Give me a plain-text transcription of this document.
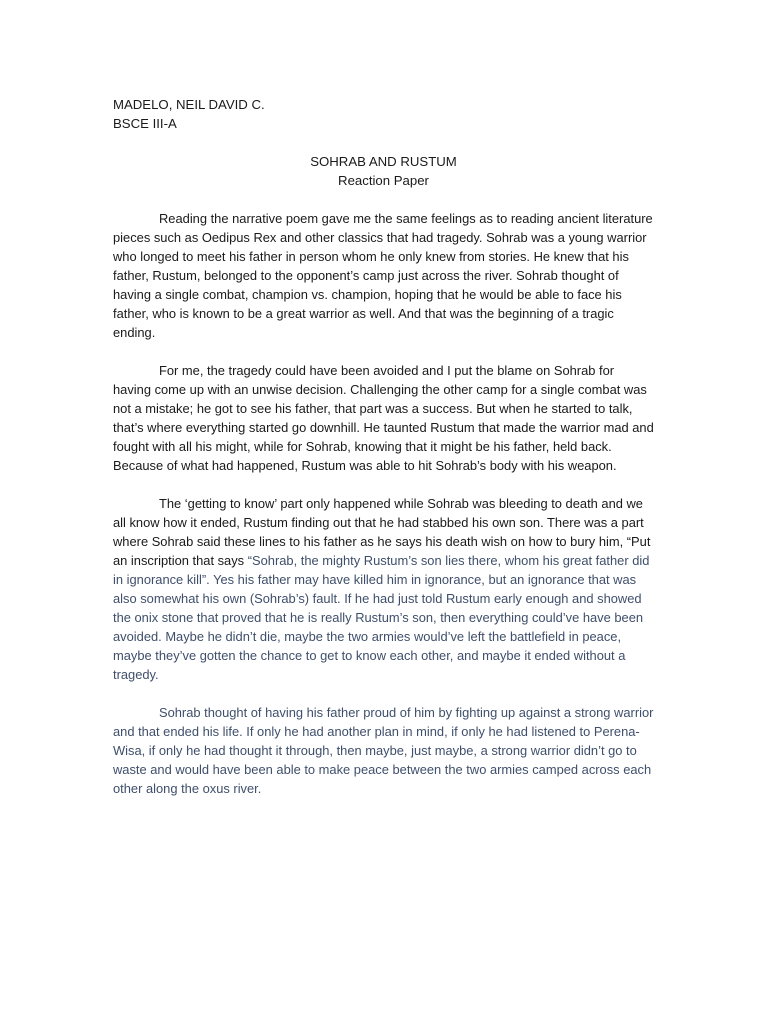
MADELO, NEIL DAVID C.
BSCE III-A
SOHRAB AND RUSTUM
Reaction Paper

Reading the narrative poem gave me the same feelings as to reading ancient literature pieces such as Oedipus Rex and other classics that had tragedy. Sohrab was a young warrior who longed to meet his father in person whom he only knew from stories. He knew that his father, Rustum, belonged to the opponent’s camp just across the river. Sohrab thought of having a single combat, champion vs. champion, hoping that he would be able to face his father, who is known to be a great warrior as well. And that was the beginning of a tragic ending.

For me, the tragedy could have been avoided and I put the blame on Sohrab for having come up with an unwise decision. Challenging the other camp for a single combat was not a mistake; he got to see his father, that part was a success. But when he started to talk, that’s where everything started go downhill. He taunted Rustum that made the warrior mad and fought with all his might, while for Sohrab, knowing that it might be his father, held back. Because of what had happened, Rustum was able to hit Sohrab’s body with his weapon.

The ‘getting to know’ part only happened while Sohrab was bleeding to death and we all know how it ended, Rustum finding out that he had stabbed his own son. There was a part where Sohrab said these lines to his father as he says his death wish on how to bury him, “Put an inscription that says “Sohrab, the mighty Rustum’s son lies there, whom his great father did in ignorance kill”. Yes his father may have killed him in ignorance, but an ignorance that was also somewhat his own (Sohrab’s) fault. If he had just told Rustum early enough and showed the onix stone that proved that he is really Rustum’s son, then everything could’ve have been avoided. Maybe he didn’t die, maybe the two armies would’ve left the battlefield in peace, maybe they’ve gotten the chance to get to know each other, and maybe it ended without a tragedy.

Sohrab thought of having his father proud of him by fighting up against a strong warrior and that ended his life. If only he had another plan in mind, if only he had listened to Perena-Wisa, if only he had thought it through, then maybe, just maybe, a strong warrior didn’t go to waste and would have been able to make peace between the two armies camped across each other along the oxus river.
